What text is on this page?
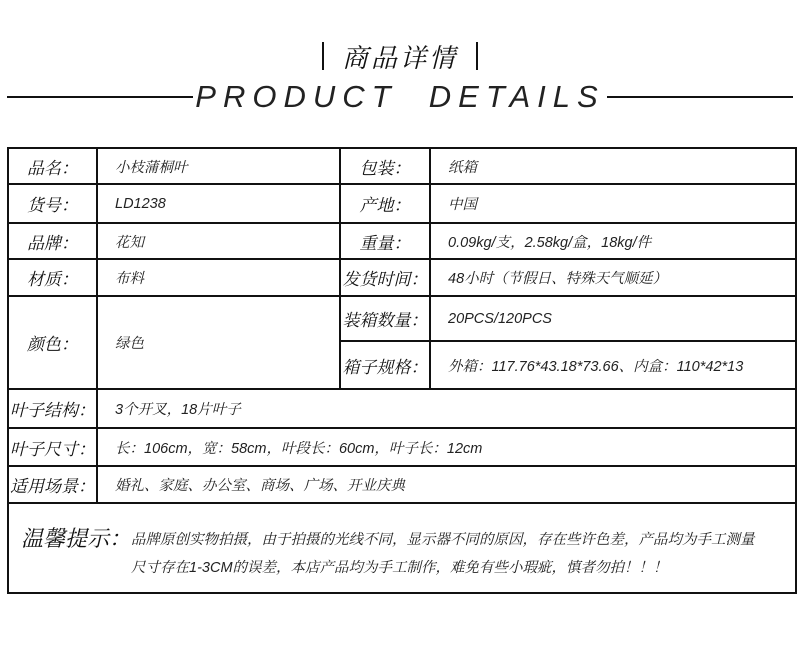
商品详情
PRODUCT  DETAILS
品名：	小枝蒲桐叶	包装：	纸箱
货号：	LD1238	产地：	中国
品牌：	花知	重量：	0.09kg/支，2.58kg/盒，18kg/件
材质：	布料	发货时间：	48小时（节假日、特殊天气顺延）
颜色：	绿色	装箱数量：	20PCS/120PCS
		箱子规格：	外箱：117.76*43.18*73.66、内盒：110*42*13
叶子结构：	3个开叉，18片叶子		
叶子尺寸：	长：106cm，宽：58cm，叶段长：60cm，叶子长：12cm		
适用场景：	婚礼、家庭、办公室、商场、广场、开业庆典		

温馨提示： 品牌原创实物拍摄，由于拍摄的光线不同，显示器不同的原因，存在些许色差，产品均为手工测量
尺寸存在1-3CM的误差，本店产品均为手工制作，难免有些小瑕疵，慎者勿拍！！！			
